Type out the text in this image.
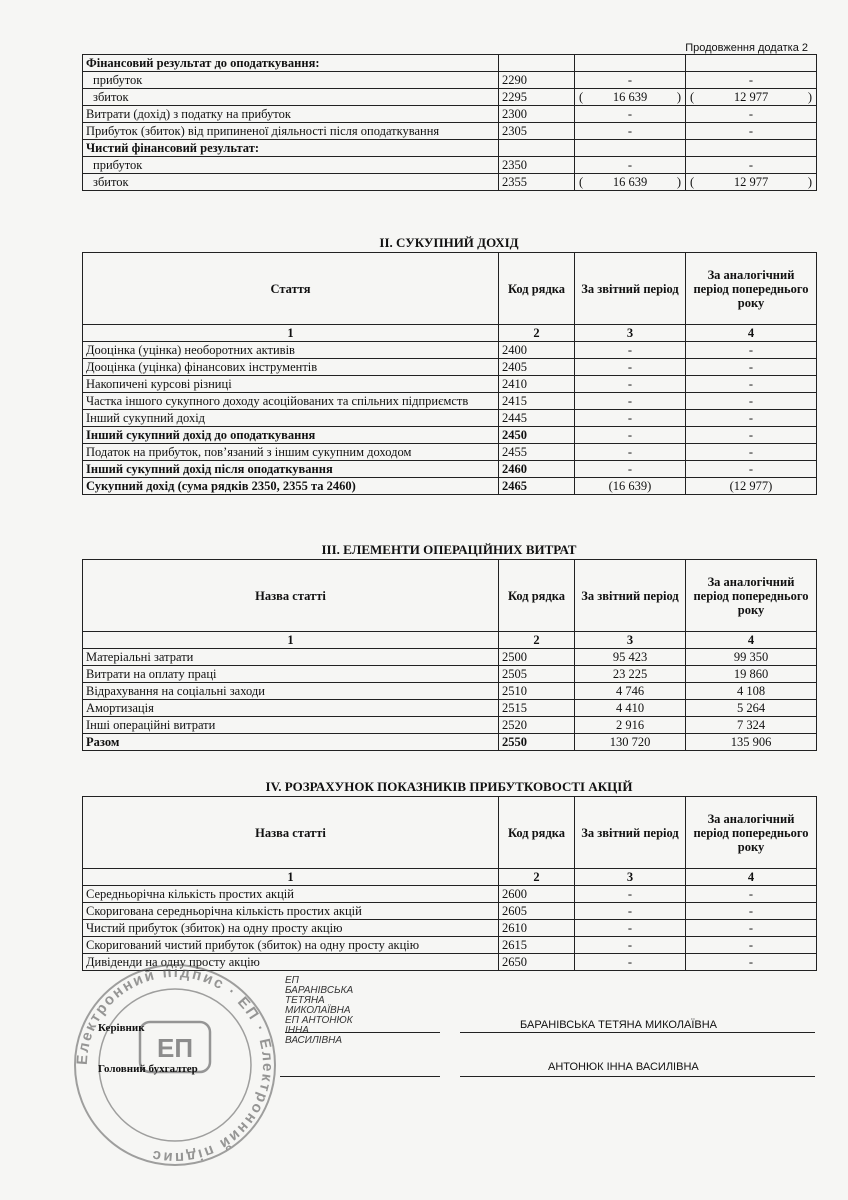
Продовження додатка 2
Фінансовий результат до оподаткування:			
прибуток	2290	-	-
збиток	2295	( 16 639 )	( 12 977 )

Витрати (дохід) з податку на прибуток	2300	-	-
Прибуток (збиток) від припиненої діяльності після оподаткування	2305	-	-
Чистий фінансовий результат:			
прибуток	2350	-	-
збиток	2355	( 16 639 )	( 12 977 )
II. СУКУПНИЙ ДОХІД
Стаття	Код рядка	За звітний період	За аналогічний період попереднього року
1	2	3	4
Дооцінка (уцінка) необоротних активів	2400	-	-
Дооцінка (уцінка) фінансових інструментів	2405	-	-
Накопичені курсові різниці	2410	-	-
Частка іншого сукупного доходу асоційованих та спільних підприємств	2415	-	-
Інший сукупний дохід	2445	-	-
Інший сукупний дохід до оподаткування	2450	-	-
Податок на прибуток, пов’язаний з іншим сукупним доходом	2455	-	-
Інший сукупний дохід після оподаткування	2460	-	-
Сукупний дохід (сума рядків 2350, 2355 та 2460)	2465	(16 639)	(12 977)
III. ЕЛЕМЕНТИ ОПЕРАЦІЙНИХ ВИТРАТ
Назва статті	Код рядка	За звітний період	За аналогічний період попереднього року
1	2	3	4
Матеріальні затрати	2500	95 423	99 350
Витрати на оплату праці	2505	23 225	19 860
Відрахування на соціальні заходи	2510	4 746	4 108
Амортизація	2515	4 410	5 264
Інші операційні витрати	2520	2 916	7 324
Разом	2550	130 720	135 906
IV. РОЗРАХУНОК ПОКАЗНИКІВ ПРИБУТКОВОСТІ АКЦІЙ
Назва статті	Код рядка	За звітний період	За аналогічний період попереднього року
1	2	3	4
Середньорічна кількість простих акцій	2600	-	-
Скоригована середньорічна кількість простих акцій	2605	-	-
Чистий прибуток (збиток) на одну просту акцію	2610	-	-
Скоригований чистий прибуток (збиток) на одну просту акцію	2615	-	-
Дивіденди на одну просту акцію	2650	-	-
Електронний підпис · ЕП · Електронний підпис
ЕП
ЕП
БАРАНІВСЬКА
ТЕТЯНА
МИКОЛАЇВНА
ЕП АНТОНЮК
ІННА
ВАСИЛІВНА
Керівник	БАРАНІВСЬКА ТЕТЯНА МИКОЛАЇВНА
Головний бухгалтер	АНТОНЮК ІННА ВАСИЛІВНА
